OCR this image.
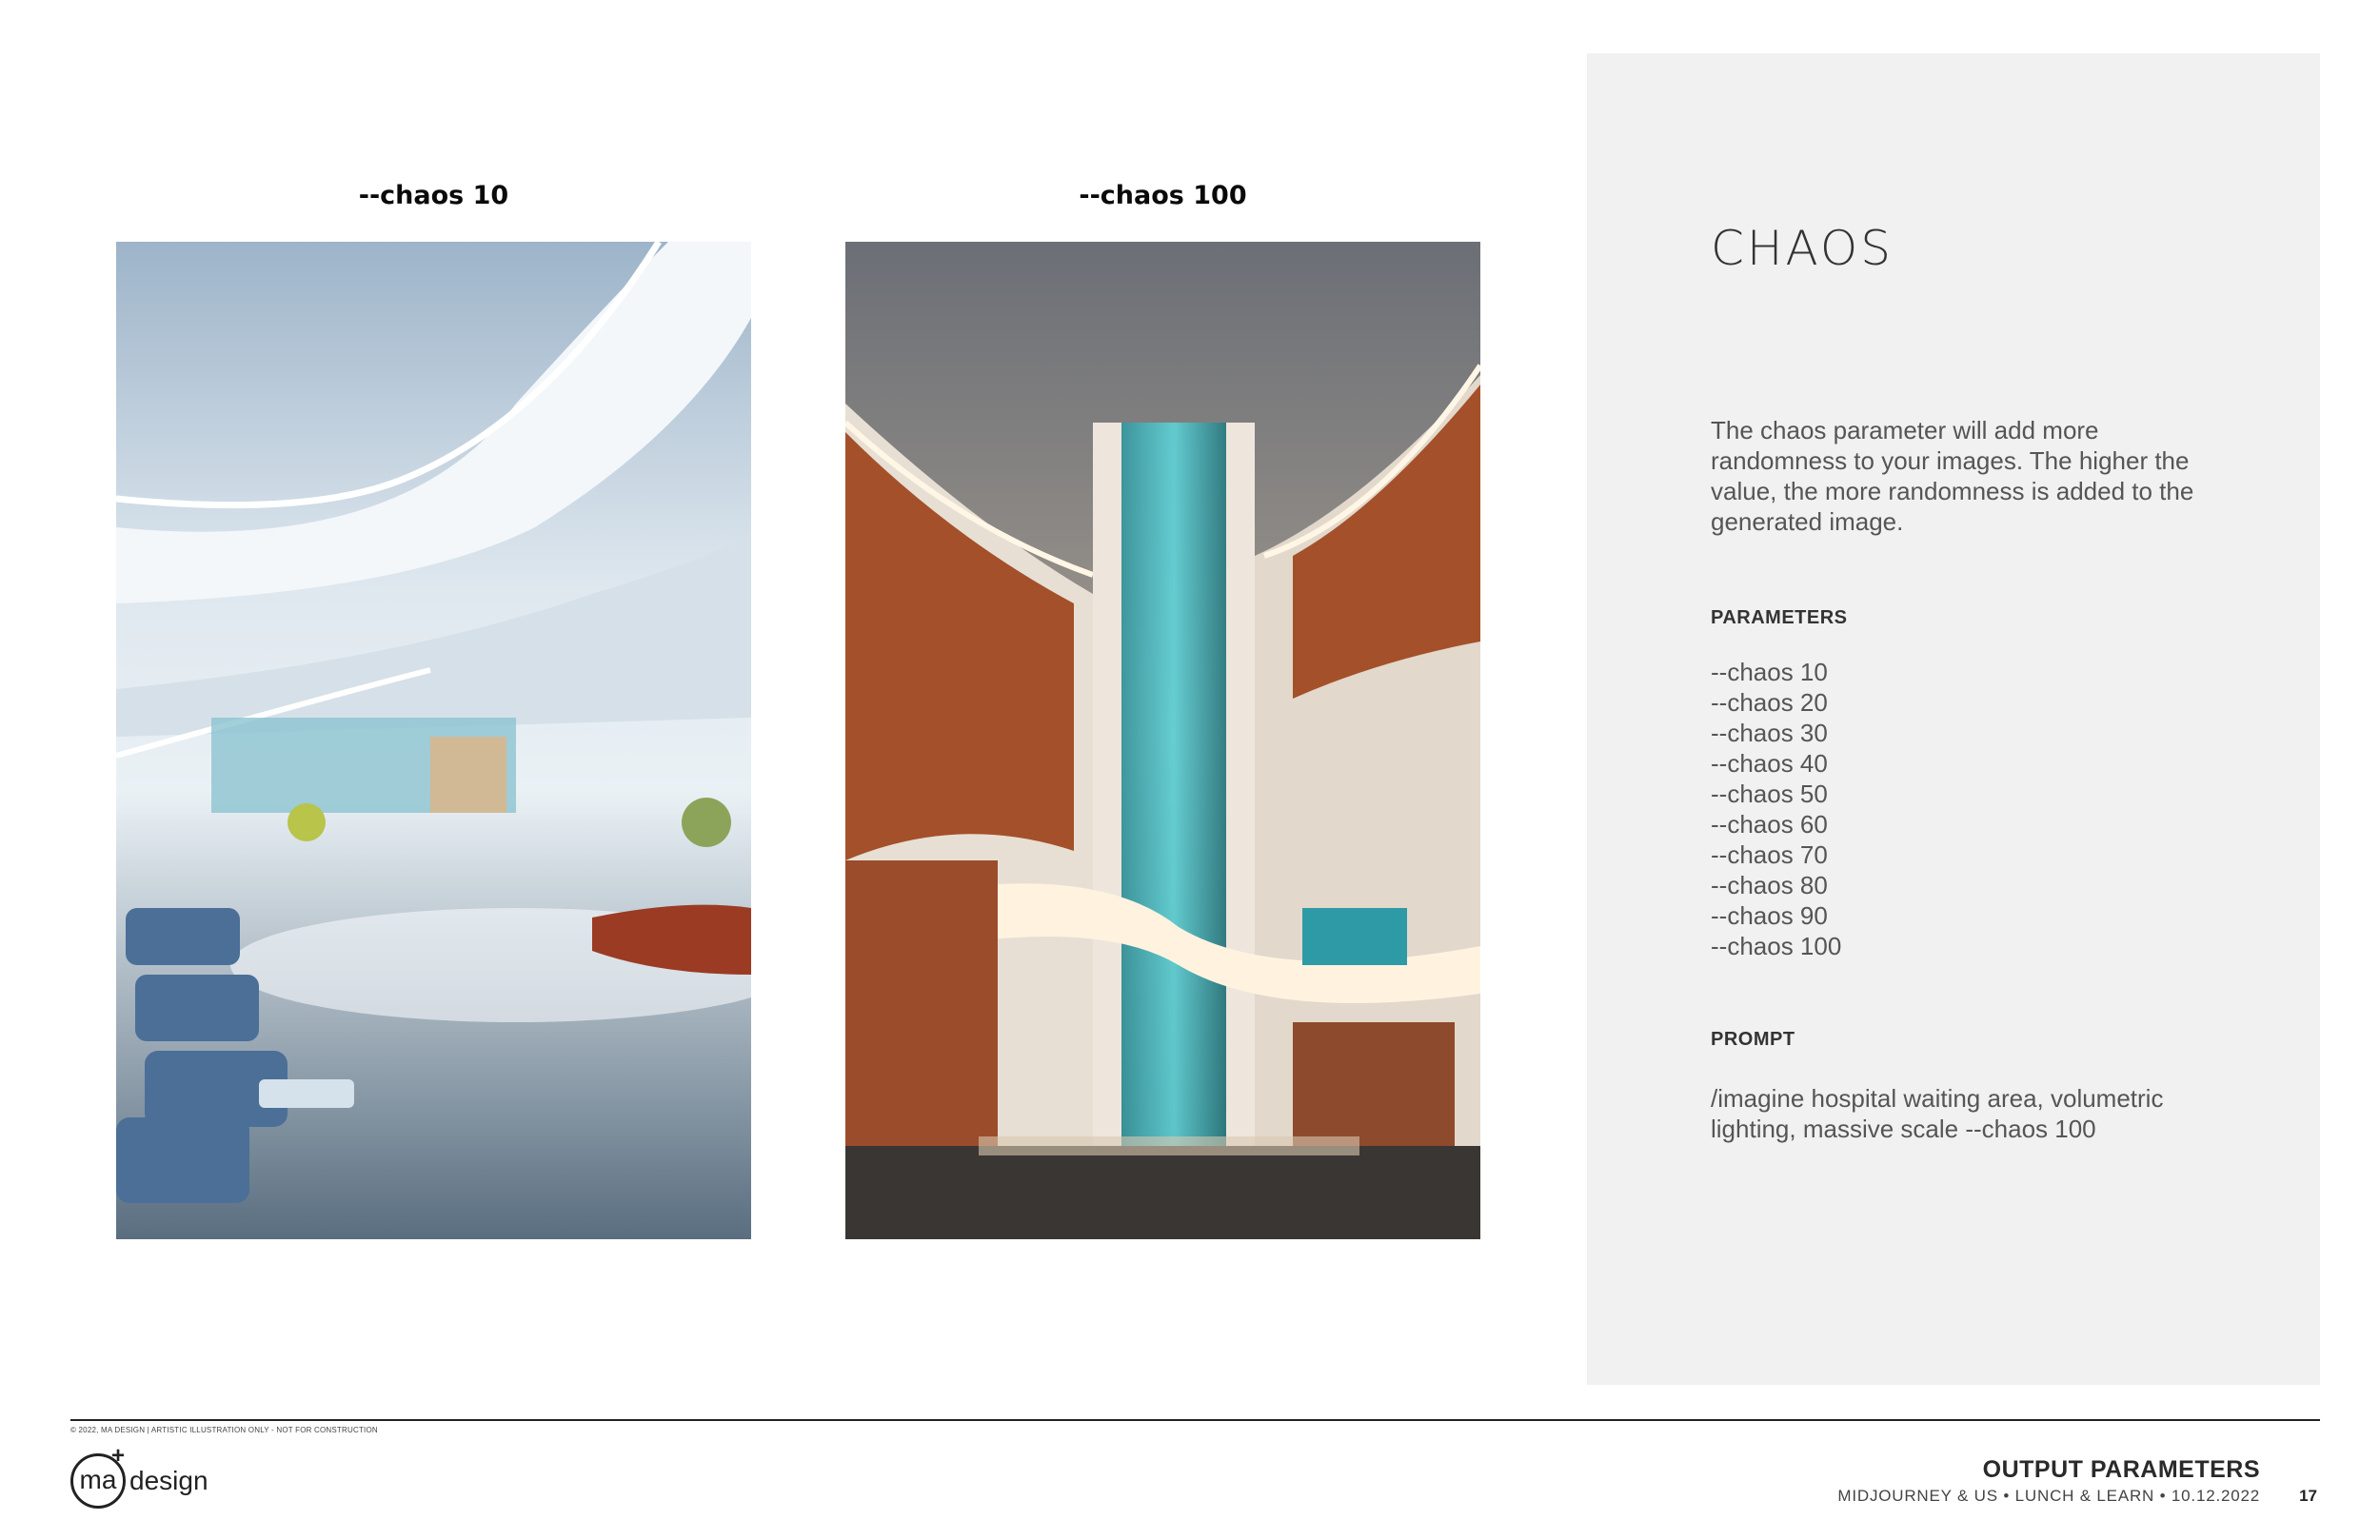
--chaos 10	--chaos 100
CHAOS
The chaos parameter will add more randomness to your images. The higher the value, the more randomness is added to the generated image.
PARAMETERS
--chaos 10
--chaos 20
--chaos 30
--chaos 40
--chaos 50
--chaos 60
--chaos 70
--chaos 80
--chaos 90
--chaos 100
PROMPT
/imagine hospital waiting area, volumetric lighting, massive scale --chaos 100
© 2022, MA DESIGN | ARTISTIC ILLUSTRATION ONLY - NOT FOR CONSTRUCTION
ma
+
design	OUTPUT PARAMETERS
MIDJOURNEY & US • LUNCH & LEARN • 10.12.2022 17
